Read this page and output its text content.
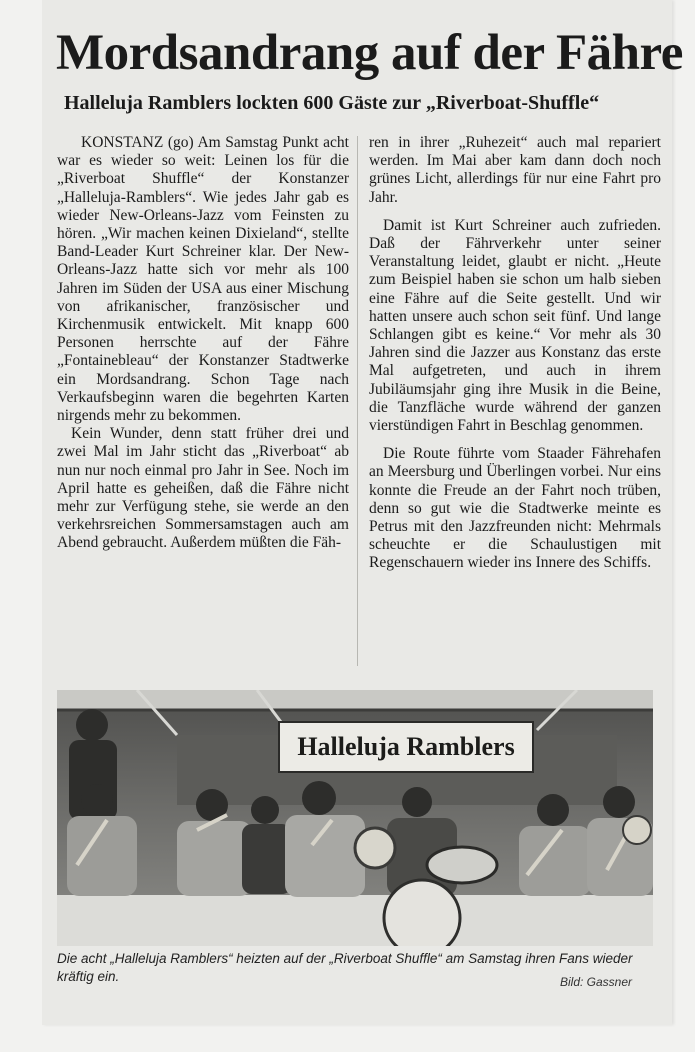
Mordsandrang auf der Fähre
Halleluja Ramblers lockten 600 Gäste zur „Riverboat-Shuffle“

KONSTANZ (go) Am Samstag Punkt acht war es wieder so weit: Leinen los für die „Riverboat Shuffle“ der Konstanzer „Halleluja-Ramblers“. Wie jedes Jahr gab es wieder New-Orleans-Jazz vom Feinsten zu hören. „Wir machen keinen Dixieland“, stellte Band-Leader Kurt Schreiner klar. Der New-Orleans-Jazz hatte sich vor mehr als 100 Jahren im Süden der USA aus einer Mischung von afrikanischer, französischer und Kirchenmusik entwickelt. Mit knapp 600 Personen herrschte auf der Fähre „Fontainebleau“ der Konstanzer Stadtwerke ein Mordsandrang. Schon Tage nach Verkaufsbeginn waren die begehrten Karten nirgends mehr zu bekommen.

Kein Wunder, denn statt früher drei und zwei Mal im Jahr sticht das „Riverboat“ ab nun nur noch einmal pro Jahr in See. Noch im April hatte es geheißen, daß die Fähre nicht mehr zur Verfügung stehe, sie werde an den verkehrsreichen Sommersamstagen auch am Abend gebraucht. Außerdem müßten die Fäh-

ren in ihrer „Ruhezeit“ auch mal repariert werden. Im Mai aber kam dann doch noch grünes Licht, allerdings für nur eine Fahrt pro Jahr.

Damit ist Kurt Schreiner auch zufrieden. Daß der Fährverkehr unter seiner Veranstaltung leidet, glaubt er nicht. „Heute zum Beispiel haben sie schon um halb sieben eine Fähre auf die Seite gestellt. Und wir hatten unsere auch schon seit fünf. Und lange Schlangen gibt es keine.“ Vor mehr als 30 Jahren sind die Jazzer aus Konstanz das erste Mal aufgetreten, und auch in ihrem Jubiläumsjahr ging ihre Musik in die Beine, die Tanzfläche wurde während der ganzen vierstündigen Fahrt in Beschlag genommen.

Die Route führte vom Staader Fährehafen an Meersburg und Überlingen vorbei. Nur eins konnte die Freude an der Fahrt noch trüben, denn so gut wie die Stadtwerke meinte es Petrus mit den Jazzfreunden nicht: Mehrmals scheuchte er die Schaulustigen mit Regenschauern wieder ins Innere des Schiffs.

Halleluja Ramblers
Die acht „Halleluja Ramblers“ heizten auf der „Riverboat Shuffle“ am Samstag ihren Fans wieder kräftig ein.	Bild: Gassner
